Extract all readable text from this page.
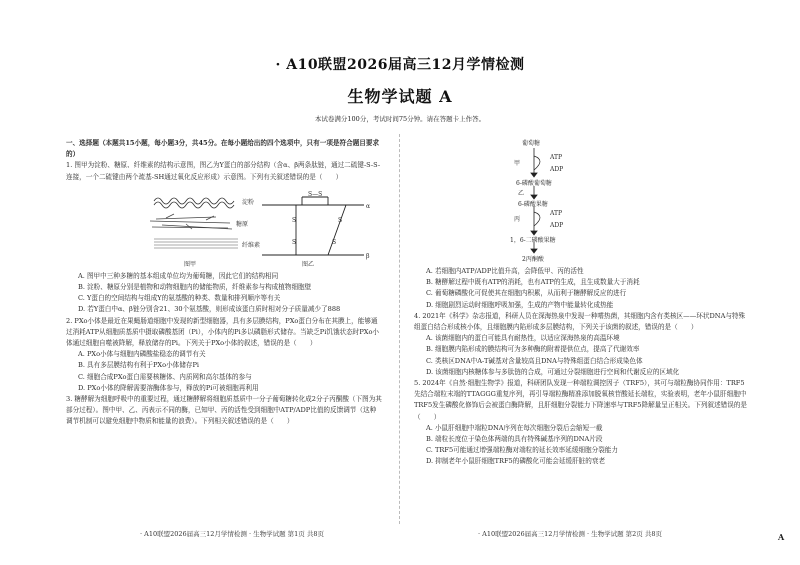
· A10联盟2026届高三12月学情检测
生物学试题 A
本试卷满分100分，考试时间75分钟。请在答题卡上作答。

一、选择题（本题共15小题，每小题3分，共45分。在每小题给出的四个选项中，只有一项是符合题目要求的）

1. 图甲为淀粉、糖原、纤维素的结构示意图，图乙为Y蛋白的部分结构（含α、β两条肽链，通过二硫键-S-S-连接，一个二硫键由两个巯基-SH通过氧化反应形成）示意图。下列有关叙述错误的是（　　）

淀粉
糖原
纤维素
α
β
S—S
S
S
S
S
图甲	图乙

A. 图甲中三种多糖的基本组成单位均为葡萄糖，因此它们的结构相同

B. 淀粉、糖原分别是植物和动物细胞内的储能物质，纤维素参与构成植物细胞壁

C. Y蛋白的空间结构与组成Y的氨基酸的种类、数量和排列顺序等有关

D. 若Y蛋白中α、β链分别含21、30个氨基酸，则形成该蛋白质时相对分子质量减少了888

2. PXo小体是最近在果蝇肠道细胞中发现的新型细胞器，具有多层膜结构，PXo蛋白分布在其膜上，能够通过消耗ATP从细胞质基质中摄取磷酸基团（Pi），小体内的Pi多以磷脂形式储存。当缺乏Pi饥饿状态时PXo小体通过细胞自噬被降解，释放储存的Pi。下列关于PXo小体的叙述，错误的是（　　）

A. PXo小体与细胞内磷酸盐稳态的调节有关

B. 具有多层膜结构有利于PXo小体储存Pi

C. 细胞合成PXo蛋白需要核糖体、内质网和高尔基体的参与

D. PXo小体的降解需要溶酶体参与，释放的Pi可被细胞再利用

3. 糖酵解为细胞呼吸中的重要过程，通过糖酵解将细胞质基质中一分子葡萄糖转化成2分子丙酮酸（下图为其部分过程）。图中甲、乙、丙表示不同的酶，已知甲、丙的活性受到细胞中ATP/ADP比值的反馈调节（这种调节机制可以避免细胞中物质和能量的浪费）。下列相关叙述错误的是（　　）

葡萄糖
甲
ATP
ADP
6-磷酸葡萄糖
乙
6-磷酸果糖
丙
ATP
ADP
1，6-二磷酸果糖
2丙酮酸

A. 若细胞内ATP/ADP比值升高，会降低甲、丙的活性

B. 糖酵解过程中既有ATP的消耗，也有ATP的生成，且生成数量大于消耗

C. 葡萄糖磷酸化可促使其在细胞内积累，从而利于糖酵解反应的进行

D. 细胞剧烈运动时细胞呼吸加强，生成的产物中能量转化成热能

4. 2021年《科学》杂志报道，科研人员在深海热泉中发现一种嗜热菌，其细胞内含有类核区——环状DNA与特殊组蛋白结合形成核小体，且细胞膜内陷形成多层膜结构，下列关于该菌的叙述，错误的是（　　）

A. 该菌细胞内的蛋白可能具有耐热性，以适应深海热泉的高温环境

B. 细胞膜内陷形成的膜结构可为多种酶的附着提供位点，提高了代谢效率

C. 类核区DNA中A-T碱基对含量较高且DNA与特殊组蛋白结合形成染色体

D. 该菌细胞内核糖体参与多肽链的合成，可通过分裂细胞进行空间和代谢反应的区域化

5. 2024年《自然·细胞生物学》报道，科研团队发现一种端粒调控因子（TRF5），其可与端粒酶协同作用：TRF5先结合端粒末端的TTAGGG重复序列，再引导端粒酶精准添加脱氧核苷酸延长端粒，实验表明，老年小鼠肝细胞中TRF5发生磷酸化修饰后会被蛋白酶降解，且肝细胞分裂能力下降速率与TRF5降解量呈正相关。下列叙述错误的是（　　）

A. 小鼠肝细胞中端粒DNA序列在每次细胞分裂后会缩短一截

B. 端粒长度位于染色体两端的具有特殊碱基序列的DNA片段

C. TRF5可能通过增强端粒酶对端粒的延长效率延缓细胞分裂能力

D. 抑制老年小鼠肝细胞TRF5的磷酸化可能会延缓肝脏的衰老

· A10联盟2026届高三12月学情检测 · 生物学试题 第1页 共8页	· A10联盟2026届高三12月学情检测 · 生物学试题 第2页 共8页	A
